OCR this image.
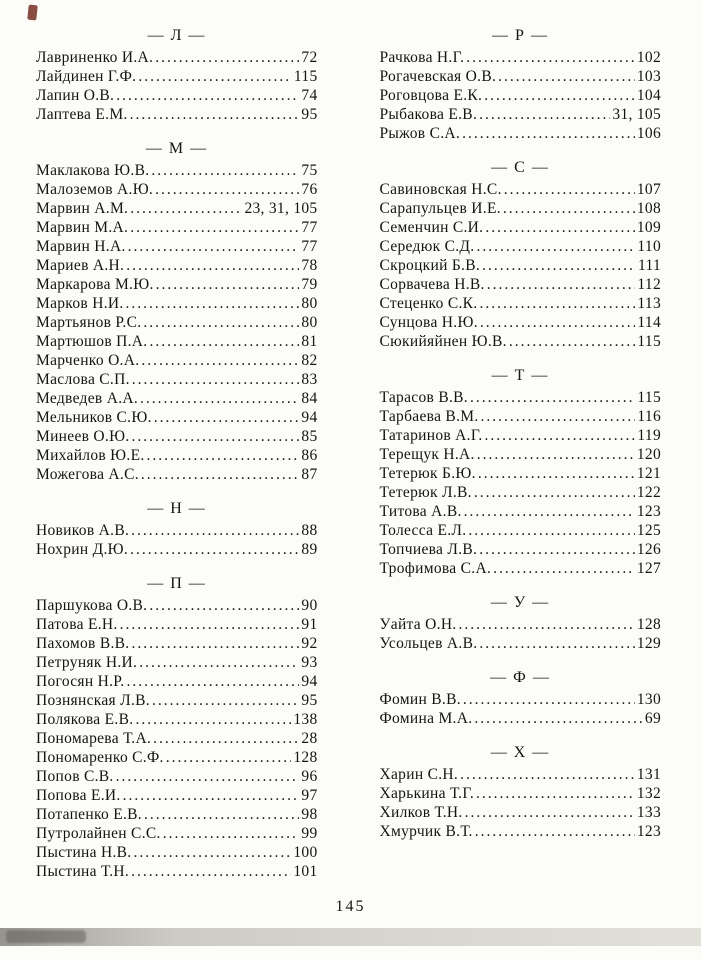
— Л —
Лавриненко И.А. .....	72
Лайдинен Г.Ф. .....	115
Лапин О.В. .....	74
Лаптева Е.М. .....	95
— М —
Маклакова Ю.В. .....	75
Малоземов А.Ю. .....	76
Марвин А.М. .....	23, 31, 105
Марвин М.А. .....	77
Марвин Н.А. .....	77
Мариев А.Н. .....	78
Маркарова М.Ю. .....	79
Марков Н.И. .....	80
Мартьянов Р.С. .....	80
Мартюшов П.А. .....	81
Марченко О.А. .....	82
Маслова С.П. .....	83
Медведев А.А. .....	84
Мельников С.Ю. .....	94
Минеев О.Ю. .....	85
Михайлов Ю.Е. .....	86
Можегова А.С. .....	87
— Н —
Новиков А.В. .....	88
Нохрин Д.Ю. .....	89
— П —
Паршукова О.В. .....	90
Патова Е.Н. .....	91
Пахомов В.В. .....	92
Петруняк Н.И. .....	93
Погосян Н.Р. .....	94
Познянская Л.В. .....	95
Полякова Е.В. .....	138
Пономарева Т.А. .....	28
Пономаренко С.Ф. .....	128
Попов С.В. .....	96
Попова Е.И. .....	97
Потапенко Е.В. .....	98
Путролайнен С.С. .....	99
Пыстина Н.В. .....	100
Пыстина Т.Н. .....	101
— Р —
Рачкова Н.Г. .....	102
Рогачевская О.В. .....	103
Роговцова Е.К. .....	104
Рыбакова Е.В. .....	31, 105
Рыжов С.А. .....	106
— С —
Савиновская Н.С. .....	107
Сарапульцев И.Е. .....	108
Семенчин С.И. .....	109
Середюк С.Д. .....	110
Скроцкий Б.В. .....	111
Сорвачева Н.В. .....	112
Стеценко С.К. .....	113
Сунцова Н.Ю. .....	114
Сюкийяйнен Ю.В. .....	115
— Т —
Тарасов В.В. .....	115
Тарбаева В.М. .....	116
Татаринов А.Г. .....	119
Терещук Н.А. .....	120
Тетерюк Б.Ю. .....	121
Тетерюк Л.В. .....	122
Титова А.В. .....	123
Толесса Е.Л. .....	125
Топчиева Л.В. .....	126
Трофимова С.А. .....	127
— У —
Уайта О.Н. .....	128
Усольцев А.В. .....	129
— Ф —
Фомин В.В. .....	130
Фомина М.А. .....	69
— Х —
Харин С.Н. .....	131
Харькина Т.Г. .....	132
Хилков Т.Н. .....	133
Хмурчик В.Т. .....	123
145
